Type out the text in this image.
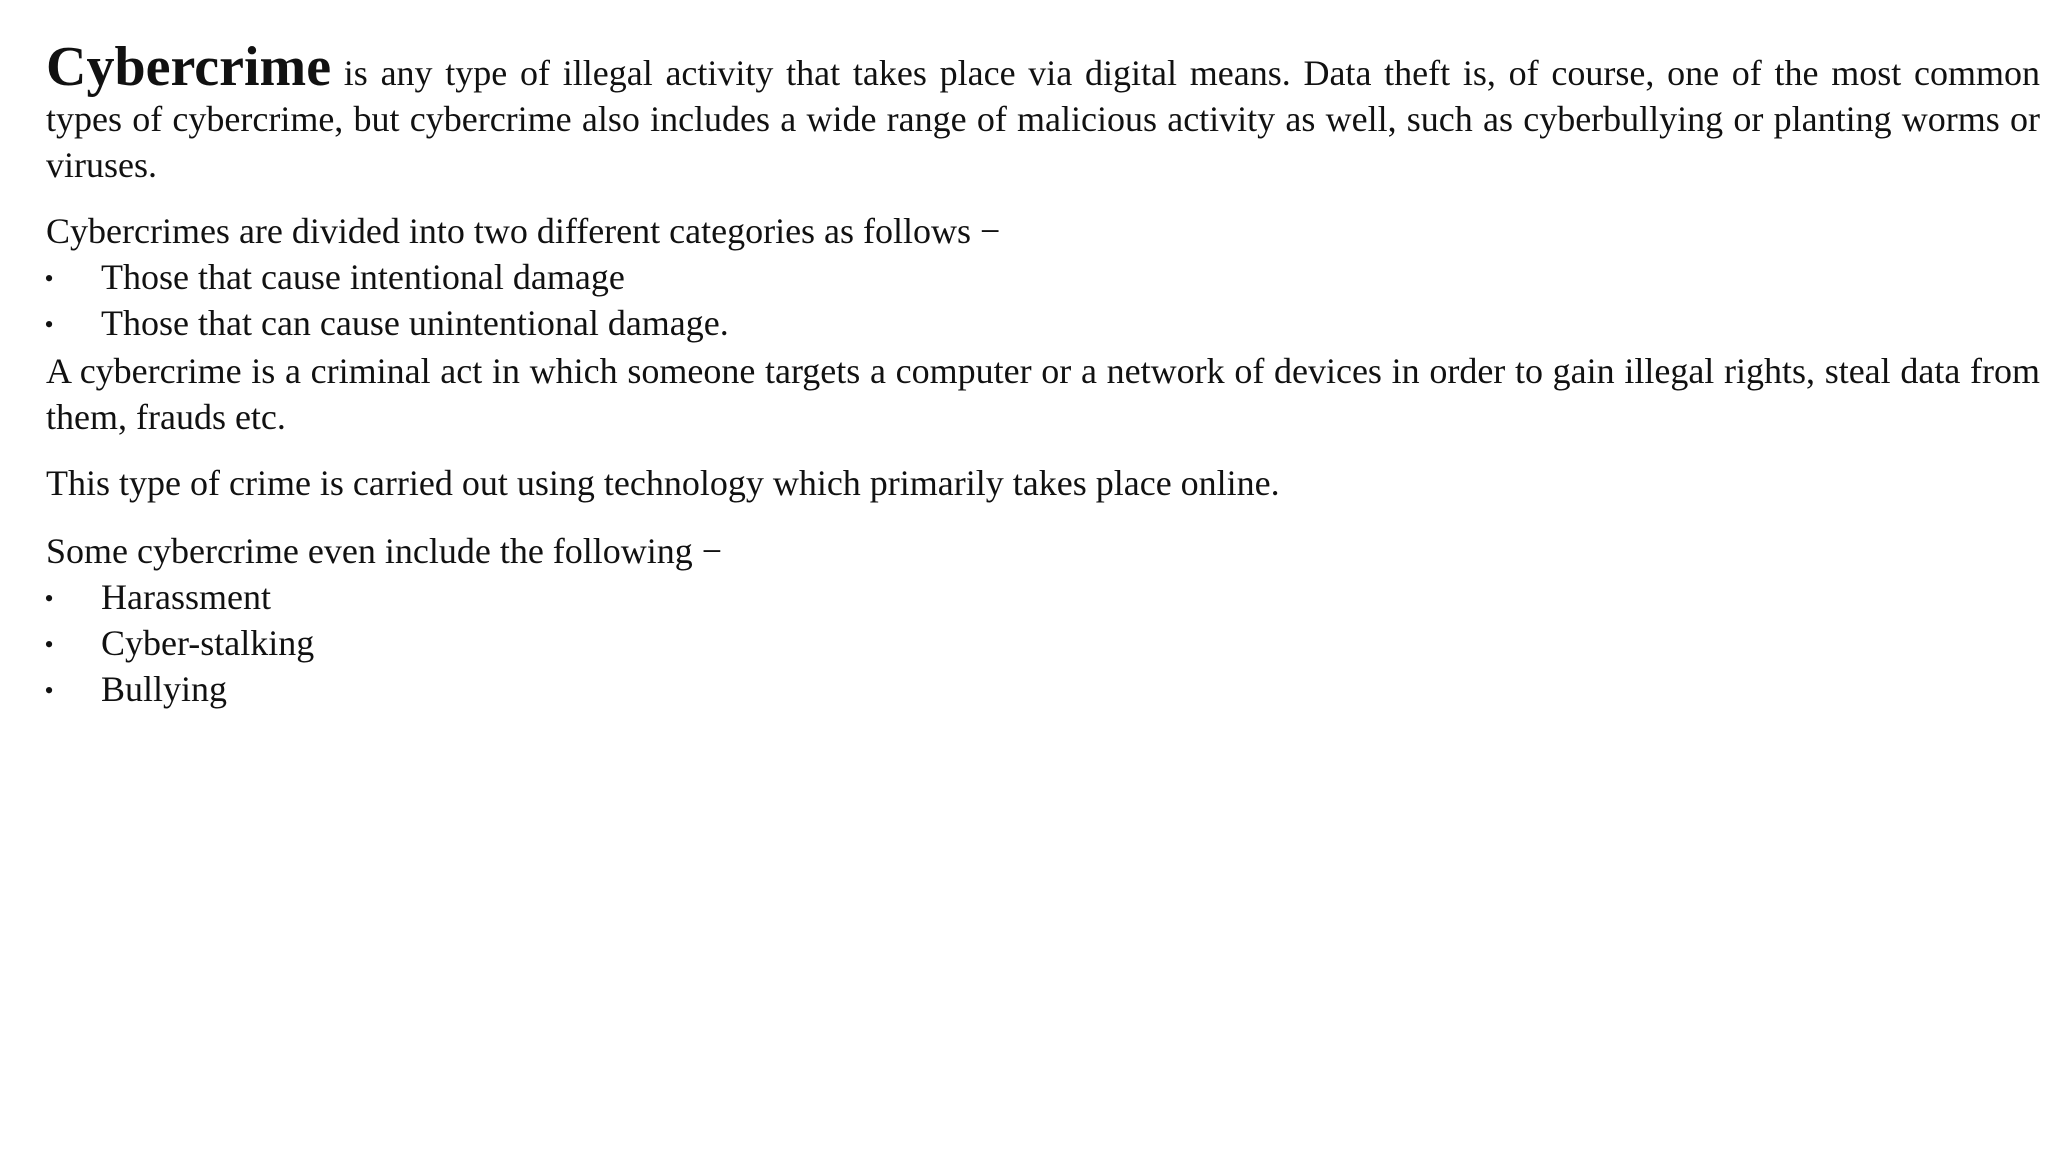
Cybercrime is any type of illegal activity that takes place via digital means. Data theft is, of course, one of the most common types of cybercrime, but cybercrime also includes a wide range of malicious activity as well, such as cyberbullying or planting worms or viruses.

Cybercrimes are divided into two different categories as follows −

• Those that cause intentional damage
• Those that can cause unintentional damage.

A cybercrime is a criminal act in which someone targets a computer or a network of devices in order to gain illegal rights, steal data from them, frauds etc.

This type of crime is carried out using technology which primarily takes place online.

Some cybercrime even include the following −

• Harassment
• Cyber-stalking
• Bullying
